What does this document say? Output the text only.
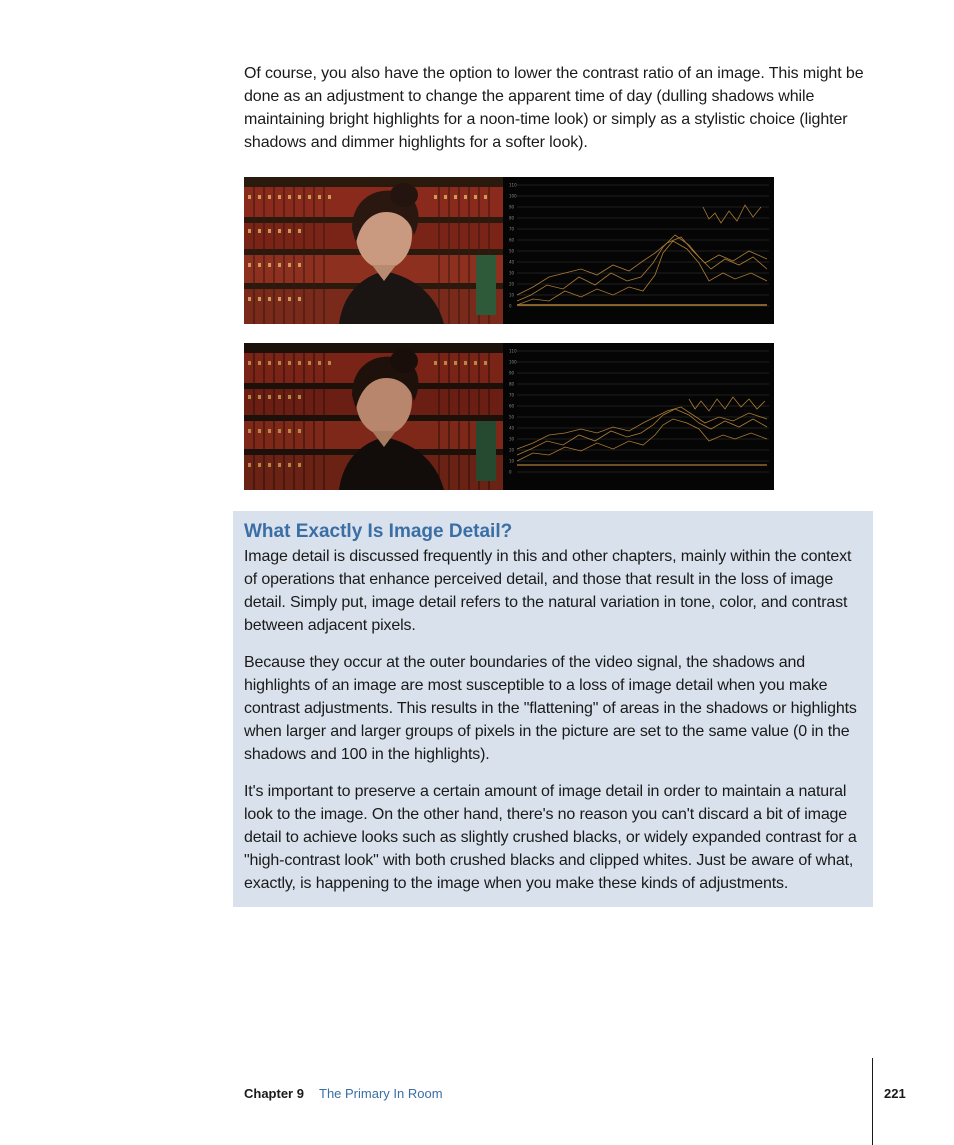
Of course, you also have the option to lower the contrast ratio of an image. This might be done as an adjustment to change the apparent time of day (dulling shadows while maintaining bright highlights for a noon-time look) or simply as a stylistic choice (lighter shadows and dimmer highlights for a softer look).

110
100
90
80
70
60
50
40
30
20
10
0
110
100
90
80
70
60
50
40
30
20
10
0
What Exactly Is Image Detail?

Image detail is discussed frequently in this and other chapters, mainly within the context of operations that enhance perceived detail, and those that result in the loss of image detail. Simply put, image detail refers to the natural variation in tone, color, and contrast between adjacent pixels.

Because they occur at the outer boundaries of the video signal, the shadows and highlights of an image are most susceptible to a loss of image detail when you make contrast adjustments. This results in the "flattening" of areas in the shadows or highlights when larger and larger groups of pixels in the picture are set to the same value (0 in the shadows and 100 in the highlights).

It's important to preserve a certain amount of image detail in order to maintain a natural look to the image. On the other hand, there's no reason you can't discard a bit of image detail to achieve looks such as slightly crushed blacks, or widely expanded contrast for a "high-contrast look" with both crushed blacks and clipped whites. Just be aware of what, exactly, is happening to the image when you make these kinds of adjustments.

Chapter 9 The Primary In Room	221
